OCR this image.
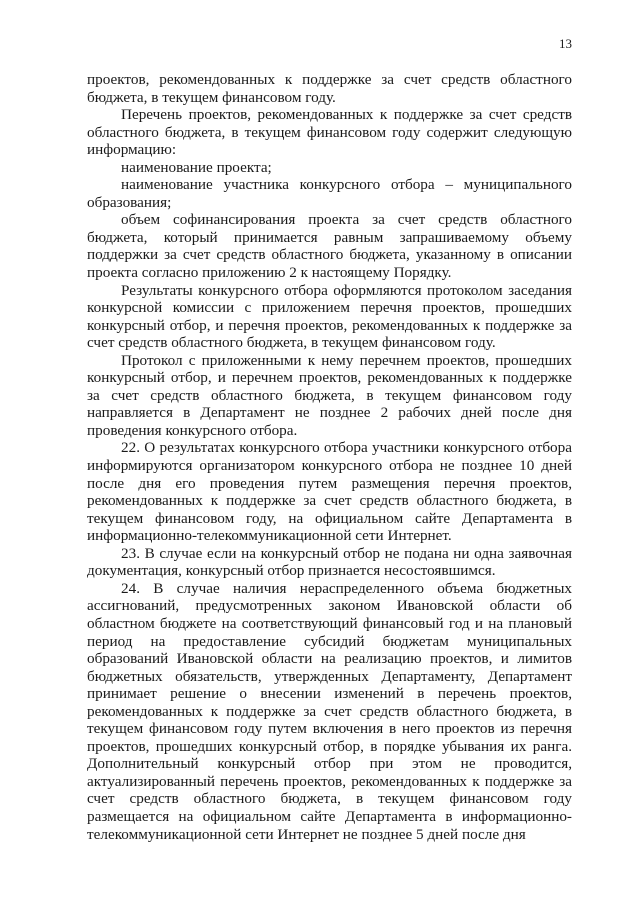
13

проектов, рекомендованных к поддержке за счет средств областного бюджета, в текущем финансовом году.

Перечень проектов, рекомендованных к поддержке за счет средств областного бюджета, в текущем финансовом году содержит следующую информацию:

наименование проекта;

наименование участника конкурсного отбора – муниципального образования;

объем софинансирования проекта за счет средств областного бюджета, который принимается равным запрашиваемому объему поддержки за счет средств областного бюджета, указанному в описании проекта согласно приложению 2 к настоящему Порядку.

Результаты конкурсного отбора оформляются протоколом заседания конкурсной комиссии с приложением перечня проектов, прошедших конкурсный отбор, и перечня проектов, рекомендованных к поддержке за счет средств областного бюджета, в текущем финансовом году.

Протокол с приложенными к нему перечнем проектов, прошедших конкурсный отбор, и перечнем проектов, рекомендованных к поддержке за счет средств областного бюджета, в текущем финансовом году направляется в Департамент не позднее 2 рабочих дней после дня проведения конкурсного отбора.

22. О результатах конкурсного отбора участники конкурсного отбора информируются организатором конкурсного отбора не позднее 10 дней после дня его проведения путем размещения перечня проектов, рекомендованных к поддержке за счет средств областного бюджета, в текущем финансовом году, на официальном сайте Департамента в информационно-телекоммуникационной сети Интернет.

23. В случае если на конкурсный отбор не подана ни одна заявочная документация, конкурсный отбор признается несостоявшимся.

24. В случае наличия нераспределенного объема бюджетных ассигнований, предусмотренных законом Ивановской области об областном бюджете на соответствующий финансовый год и на плановый период на предоставление субсидий бюджетам муниципальных образований Ивановской области на реализацию проектов, и лимитов бюджетных обязательств, утвержденных Департаменту, Департамент принимает решение о внесении изменений в перечень проектов, рекомендованных к поддержке за счет средств областного бюджета, в текущем финансовом году путем включения в него проектов из перечня проектов, прошедших конкурсный отбор, в порядке убывания их ранга. Дополнительный конкурсный отбор при этом не проводится, актуализированный перечень проектов, рекомендованных к поддержке за счет средств областного бюджета, в текущем финансовом году размещается на официальном сайте Департамента в информационно-телекоммуникационной сети Интернет не позднее 5 дней после дня
